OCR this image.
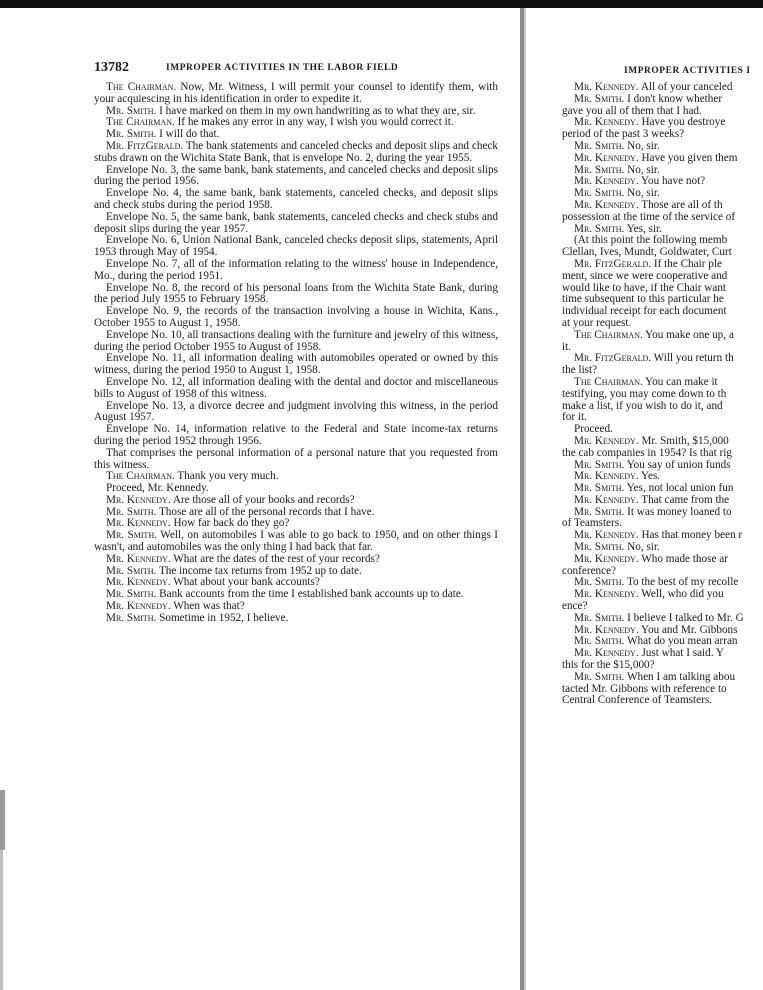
13782	IMPROPER ACTIVITIES IN THE LABOR FIELD

The Chairman. Now, Mr. Witness, I will permit your counsel to identify them, with your acquiescing in his identification in order to expedite it.

Mr. Smith. I have marked on them in my own handwriting as to what they are, sir.

The Chairman. If he makes any error in any way, I wish you would correct it.

Mr. Smith. I will do that.

Mr. FitzGerald. The bank statements and canceled checks and deposit slips and check stubs drawn on the Wichita State Bank, that is envelope No. 2, during the year 1955.

Envelope No. 3, the same bank, bank statements, and canceled checks and deposit slips during the period 1956.

Envelope No. 4, the same bank, bank statements, canceled checks, and deposit slips and check stubs during the period 1958.

Envelope No. 5, the same bank, bank statements, canceled checks and check stubs and deposit slips during the year 1957.

Envelope No. 6, Union National Bank, canceled checks deposit slips, statements, April 1953 through May of 1954.

Envelope No. 7, all of the information relating to the witness' house in Independence, Mo., during the period 1951.

Envelope No. 8, the record of his personal loans from the Wichita State Bank, during the period July 1955 to February 1958.

Envelope No. 9, the records of the transaction involving a house in Wichita, Kans., October 1955 to August 1, 1958.

Envelope No. 10, all transactions dealing with the furniture and jewelry of this witness, during the period October 1955 to August of 1958.

Envelope No. 11, all information dealing with automobiles operated or owned by this witness, during the period 1950 to August 1, 1958.

Envelope No. 12, all information dealing with the dental and doctor and miscellaneous bills to August of 1958 of this witness.

Envelope No. 13, a divorce decree and judgment involving this witness, in the period August 1957.

Envelope No. 14, information relative to the Federal and State income-tax returns during the period 1952 through 1956.

That comprises the personal information of a personal nature that you requested from this witness.

The Chairman. Thank you very much.

Proceed, Mr. Kennedy.

Mr. Kennedy. Are those all of your books and records?

Mr. Smith. Those are all of the personal records that I have.

Mr. Kennedy. How far back do they go?

Mr. Smith. Well, on automobiles I was able to go back to 1950, and on other things I wasn't, and automobiles was the only thing I had back that far.

Mr. Kennedy. What are the dates of the rest of your records?

Mr. Smith. The income tax returns from 1952 up to date.

Mr. Kennedy. What about your bank accounts?

Mr. Smith. Bank accounts from the time I established bank accounts up to date.

Mr. Kennedy. When was that?

Mr. Smith. Sometime in 1952, I believe.

IMPROPER ACTIVITIES I

Mr. Kennedy. All of your canceled

Mr. Smith. I don't know whether

gave you all of them that I had.

Mr. Kennedy. Have you destroye

period of the past 3 weeks?

Mr. Smith. No, sir.

Mr. Kennedy. Have you given them

Mr. Smith. No, sir.

Mr. Kennedy. You have not?

Mr. Smith. No, sir.

Mr. Kennedy. Those are all of th

possession at the time of the service of

Mr. Smith. Yes, sir.

(At this point the following memb

Clellan, Ives, Mundt, Goldwater, Curt

Mr. FitzGerald. If the Chair ple

ment, since we were cooperative and

would like to have, if the Chair want

time subsequent to this particular he

individual receipt for each document

at your request.

The Chairman. You make one up, a

it.

Mr. FitzGerald. Will you return th

the list?

The Chairman. You can make it

testifying, you may come down to th

make a list, if you wish to do it, and

for it.

Proceed.

Mr. Kennedy. Mr. Smith, $15,000

the cab companies in 1954? Is that rig

Mr. Smith. You say of union funds

Mr. Kennedy. Yes.

Mr. Smith. Yes, not local union fun

Mr. Kennedy. That came from the

Mr. Smith. It was money loaned to

of Teamsters.

Mr. Kennedy. Has that money been r

Mr. Smith. No, sir.

Mr. Kennedy. Who made those ar

conference?

Mr. Smith. To the best of my recolle

Mr. Kennedy. Well, who did you

ence?

Mr. Smith. I believe I talked to Mr. G

Mr. Kennedy. You and Mr. Gibbons

Mr. Smith. What do you mean arran

Mr. Kennedy. Just what I said. Y

this for the $15,000?

Mr. Smith. When I am talking abou

tacted Mr. Gibbons with reference to

Central Conference of Teamsters.
